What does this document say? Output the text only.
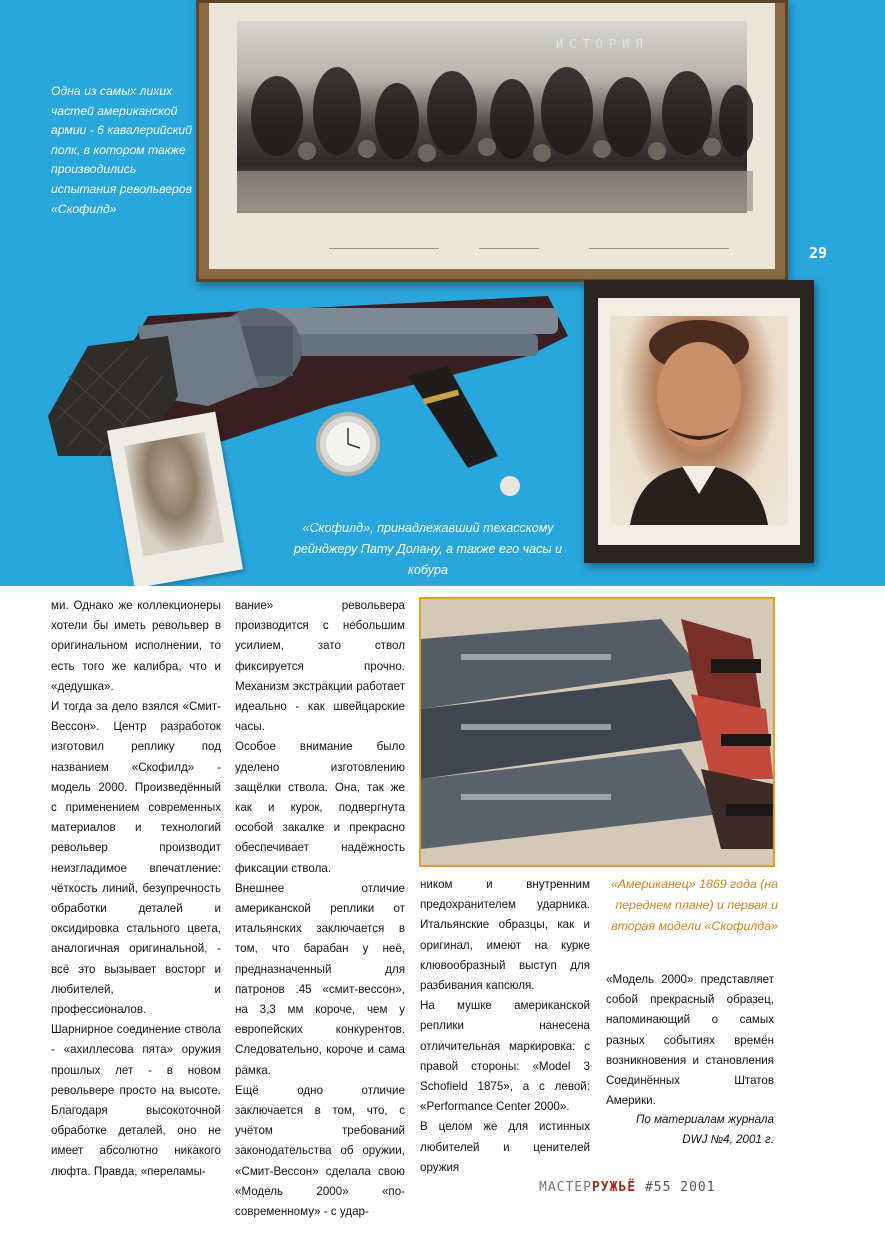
ИСТОРИЯ
29
Одна из самых лихих частей американской армии - 6 кавалерийский полк, в котором также производились испытания револьверов «Скофилд»
«Скофилд», принадлежавший техасскому рейнджеру Пату Долану, а также его часы и кобура

ми. Однако же коллекционеры хотели бы иметь револьвер в оригинальном исполнении, то есть того же калибра, что и «дедушка».

И тогда за дело взялся «Смит-Вессон». Центр разработок изготовил реплику под названием «Скофилд» - модель 2000. Произведённый с применением современных материалов и технологий револьвер производит неизгладимое впечатление: чёткость линий, безупречность обработки деталей и оксидировка стального цвета, аналогичная оригинальной, - всё это вызывает восторг и любителей, и профессионалов.

Шарнирное соединение ствола - «ахиллесова пята» оружия прошлых лет - в новом револьвере просто на высоте. Благодаря высокоточной обработке деталей, оно не имеет абсолютно никакого люфта. Правда, «переламы-

вание» револьвера производится с небольшим усилием, зато ствол фиксируется прочно. Механизм экстракции работает идеально - как швейцарские часы.

Особое внимание было уделено изготовлению защёлки ствола. Она, так же как и курок, подвергнута особой закалке и прекрасно обеспечивает надёжность фиксации ствола.

Внешнее отличие американской реплики от итальянских заключается в том, что барабан у неё, предназначенный для патронов .45 «смит-вессон», на 3,3 мм короче, чем у европейских конкурентов. Следовательно, короче и сама рамка.

Ещё одно отличие заключается в том, что, с учётом требований законодательства об оружии, «Смит-Вессон» сделала свою «Модель 2000» «по-современному» - с удар-

«Американец» 1869 года (на переднем плане) и первая и вторая модели «Скофилда»

ником и внутренним предохранителем ударника. Итальянские образцы, как и оригинал, имеют на курке клювообразный выступ для разбивания капсюля.

На мушке американской реплики нанесена отличительная маркировка: с правой стороны: «Model 3 Schofield 1875», а с левой: «Performance Center 2000».

В целом же для истинных любителей и ценителей оружия

«Модель 2000» представляет собой прекрасный образец, напоминающий о самых разных событиях времён возникновения и становления Соединённых Штатов Америки.

По материалам журнала
DWJ №4, 2001 г.
МАСТЕРРУЖЬЁ #55 2001
